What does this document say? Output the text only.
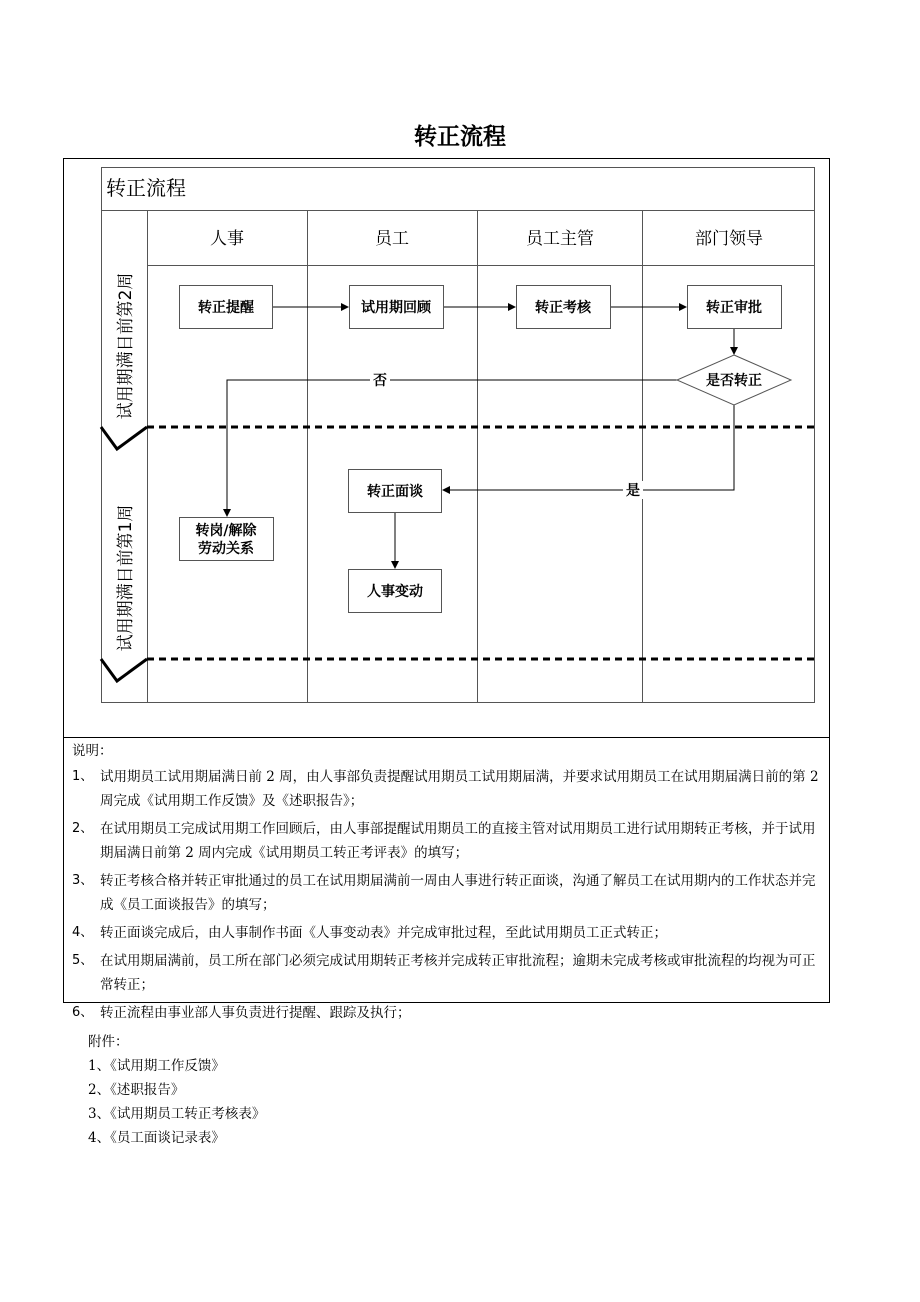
转正流程
转正流程
人事	员工	员工主管	部门领导
试用期满日前第2周
试用期满日前第1周
否
是
转正提醒	试用期回顾	转正考核	转正审批
是否转正
转正面谈
转岗/解除
劳动关系
人事变动
说明：
1、 试用期员工试用期届满日前 2 周，由人事部负责提醒试用期员工试用期届满，并要求试用期员工在试用期届满日前的第 2 周完成《试用期工作反馈》及《述职报告》；
2、 在试用期员工完成试用期工作回顾后，由人事部提醒试用期员工的直接主管对试用期员工进行试用期转正考核，并于试用期届满日前第 2 周内完成《试用期员工转正考评表》的填写；
3、 转正考核合格并转正审批通过的员工在试用期届满前一周由人事进行转正面谈，沟通了解员工在试用期内的工作状态并完成《员工面谈报告》的填写；
4、 转正面谈完成后，由人事制作书面《人事变动表》并完成审批过程，至此试用期员工正式转正；
5、 在试用期届满前，员工所在部门必须完成试用期转正考核并完成转正审批流程；逾期未完成考核或审批流程的均视为可正常转正；
6、 转正流程由事业部人事负责进行提醒、跟踪及执行；
附件：
1、《试用期工作反馈》
2、《述职报告》
3、《试用期员工转正考核表》
4、《员工面谈记录表》
